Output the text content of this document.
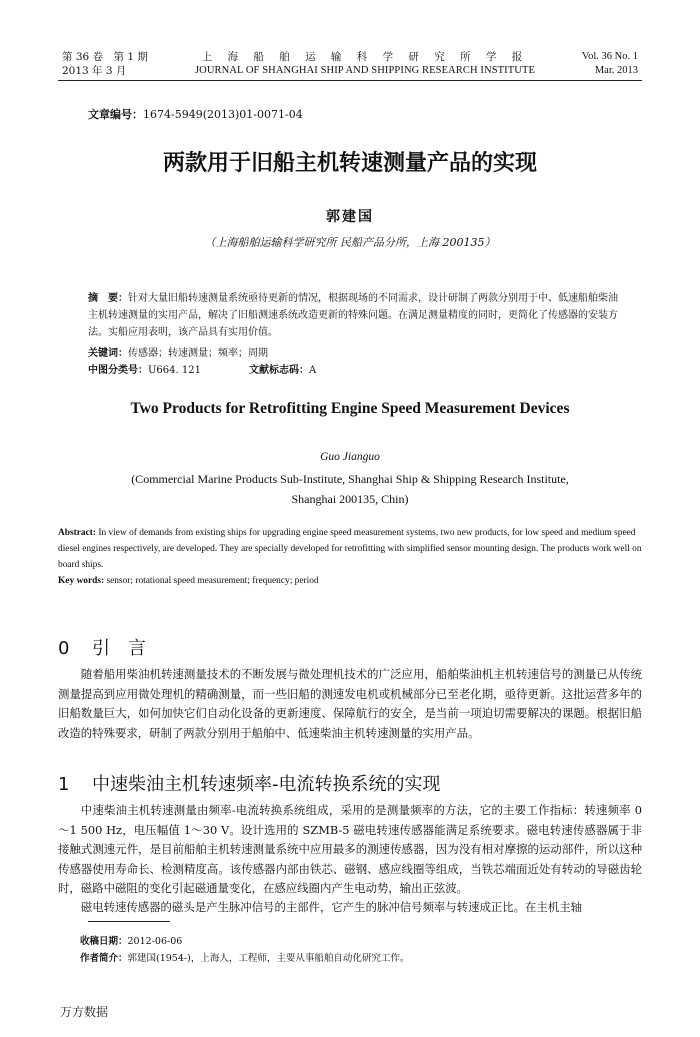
第 36 卷　第 1 期
2013 年 3 月
上 海 船 舶 运 输 科 学 研 究 所 学 报
JOURNAL OF SHANGHAI SHIP AND SHIPPING RESEARCH INSTITUTE
Vol. 36 No. 1
Mar. 2013
文章编号：1674-5949(2013)01-0071-04
两款用于旧船主机转速测量产品的实现
郭建国
（上海船舶运输科学研究所 民船产品分所，上海 200135）
摘　要：针对大量旧船转速测量系统亟待更新的情况，根据现场的不同需求，设计研制了两款分别用于中、低速船舶柴油主机转速测量的实用产品，解决了旧船测速系统改造更新的特殊问题。在满足测量精度的同时，更简化了传感器的安装方法。实船应用表明，该产品具有实用价值。
关键词：传感器；转速测量；频率；周期
中图分类号：U664. 121	文献标志码：A
Two Products for Retrofitting Engine Speed Measurement Devices
Guo Jianguo
(Commercial Marine Products Sub-Institute, Shanghai Ship & Shipping Research Institute,
Shanghai 200135, Chin)
Abstract: In view of demands from existing ships for upgrading engine speed measurement systems, two new products, for low speed and medium speed diesel engines respectively, are developed. They are specially developed for retrofitting with simplified sensor mounting design. The products work well on board ships.
Key words: sensor; rotational speed measurement; frequency; period
0 引　言
随着船用柴油机转速测量技术的不断发展与微处理机技术的广泛应用，船舶柴油机主机转速信号的测量已从传统测量提高到应用微处理机的精确测量，而一些旧船的测速发电机或机械部分已至老化期，亟待更新。这批运营多年的旧船数量巨大，如何加快它们自动化设备的更新速度、保障航行的安全，是当前一项迫切需要解决的课题。根据旧船改造的特殊要求，研制了两款分别用于船舶中、低速柴油主机转速测量的实用产品。
1 中速柴油主机转速频率-电流转换系统的实现
中速柴油主机转速测量由频率-电流转换系统组成，采用的是测量频率的方法，它的主要工作指标：转速频率 0～1 500 Hz，电压幅值 1～30 V。设计选用的 SZMB-5 磁电转速传感器能满足系统要求。磁电转速传感器属于非接触式测速元件，是目前船舶主机转速测量系统中应用最多的测速传感器，因为没有相对摩擦的运动部件，所以这种传感器使用寿命长、检测精度高。该传感器内部由铁芯、磁钢、感应线圈等组成，当铁芯端面近处有转动的导磁齿轮时，磁路中磁阻的变化引起磁通量变化，在感应线圈内产生电动势，输出正弦波。
磁电转速传感器的磁头是产生脉冲信号的主部件，它产生的脉冲信号频率与转速成正比。在主机主轴
收稿日期：2012-06-06
作者简介：郭建国(1954-)，上海人，工程师，主要从事船舶自动化研究工作。
万方数据
